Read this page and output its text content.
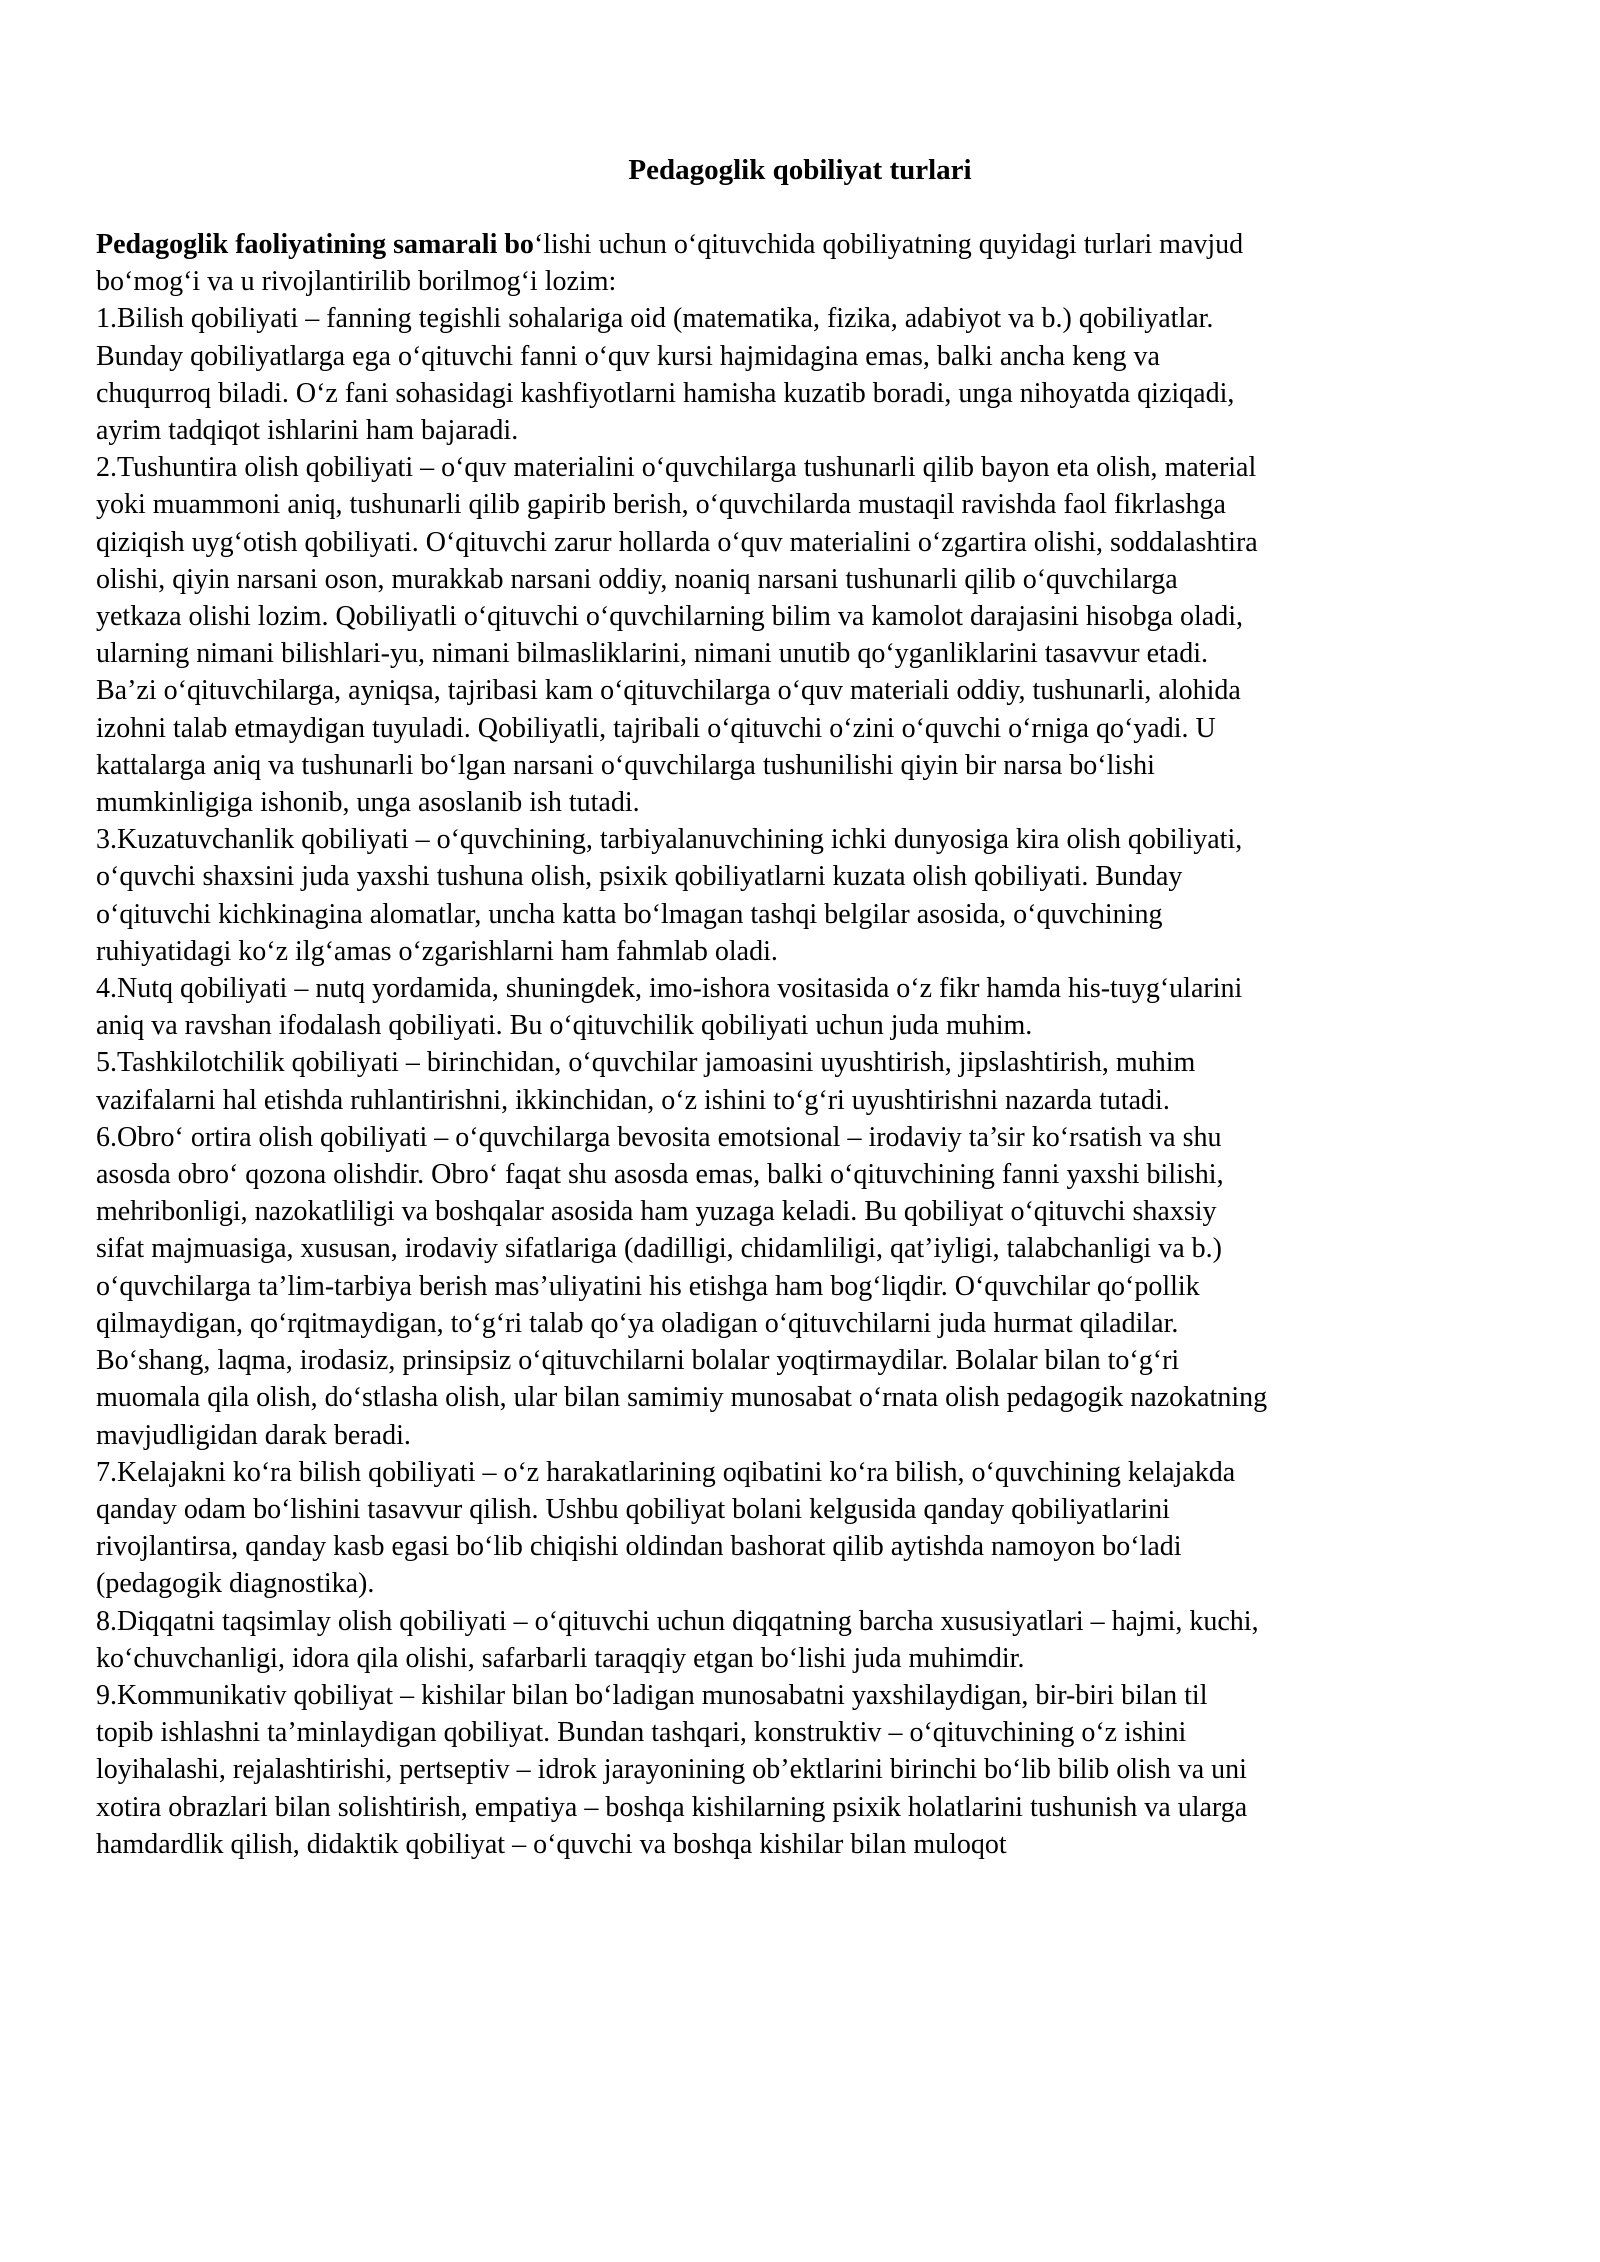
Pedagoglik qobiliyat turlari
Pedagoglik faoliyatining samarali bo‘lishi uchun o‘qituvchida qobiliyatning quyidagi turlari mavjud
bo‘mog‘i va u rivojlantirilib borilmog‘i lozim:
1.Bilish qobiliyati – fanning tegishli sohalariga oid (matematika, fizika, adabiyot va b.) qobiliyatlar.
Bunday qobiliyatlarga ega o‘qituvchi fanni o‘quv kursi hajmidagina emas, balki ancha keng va
chuqurroq biladi. O‘z fani sohasidagi kashfiyotlarni hamisha kuzatib boradi, unga nihoyatda qiziqadi,
ayrim tadqiqot ishlarini ham bajaradi.
2.Tushuntira olish qobiliyati – o‘quv materialini o‘quvchilarga tushunarli qilib bayon eta olish, material
yoki muammoni aniq, tushunarli qilib gapirib berish, o‘quvchilarda mustaqil ravishda faol fikrlashga
qiziqish uyg‘otish qobiliyati. O‘qituvchi zarur hollarda o‘quv materialini o‘zgartira olishi, soddalashtira
olishi, qiyin narsani oson, murakkab narsani oddiy, noaniq narsani tushunarli qilib o‘quvchilarga
yetkaza olishi lozim. Qobiliyatli o‘qituvchi o‘quvchilarning bilim va kamolot darajasini hisobga oladi,
ularning nimani bilishlari-yu, nimani bilmasliklarini, nimani unutib qo‘yganliklarini tasavvur etadi.
Ba’zi o‘qituvchilarga, ayniqsa, tajribasi kam o‘qituvchilarga o‘quv materiali oddiy, tushunarli, alohida
izohni talab etmaydigan tuyuladi. Qobiliyatli, tajribali o‘qituvchi o‘zini o‘quvchi o‘rniga qo‘yadi. U
kattalarga aniq va tushunarli bo‘lgan narsani o‘quvchilarga tushunilishi qiyin bir narsa bo‘lishi
mumkinligiga ishonib, unga asoslanib ish tutadi.
3.Kuzatuvchanlik qobiliyati – o‘quvchining, tarbiyalanuvchining ichki dunyosiga kira olish qobiliyati,
o‘quvchi shaxsini juda yaxshi tushuna olish, psixik qobiliyatlarni kuzata olish qobiliyati. Bunday
o‘qituvchi kichkinagina alomatlar, uncha katta bo‘lmagan tashqi belgilar asosida, o‘quvchining
ruhiyatidagi ko‘z ilg‘amas o‘zgarishlarni ham fahmlab oladi.
4.Nutq qobiliyati – nutq yordamida, shuningdek, imo-ishora vositasida o‘z fikr hamda his-tuyg‘ularini
aniq va ravshan ifodalash qobiliyati. Bu o‘qituvchilik qobiliyati uchun juda muhim.
5.Tashkilotchilik qobiliyati – birinchidan, o‘quvchilar jamoasini uyushtirish, jipslashtirish, muhim
vazifalarni hal etishda ruhlantirishni, ikkinchidan, o‘z ishini to‘g‘ri uyushtirishni nazarda tutadi.
6.Obro‘ ortira olish qobiliyati – o‘quvchilarga bevosita emotsional – irodaviy ta’sir ko‘rsatish va shu
asosda obro‘ qozona olishdir. Obro‘ faqat shu asosda emas, balki o‘qituvchining fanni yaxshi bilishi,
mehribonligi, nazokatliligi va boshqalar asosida ham yuzaga keladi. Bu qobiliyat o‘qituvchi shaxsiy
sifat majmuasiga, xususan, irodaviy sifatlariga (dadilligi, chidamliligi, qat’iyligi, talabchanligi va b.)
o‘quvchilarga ta’lim-tarbiya berish mas’uliyatini his etishga ham bog‘liqdir. O‘quvchilar qo‘pollik
qilmaydigan, qo‘rqitmaydigan, to‘g‘ri talab qo‘ya oladigan o‘qituvchilarni juda hurmat qiladilar.
Bo‘shang, laqma, irodasiz, prinsipsiz o‘qituvchilarni bolalar yoqtirmaydilar. Bolalar bilan to‘g‘ri
muomala qila olish, do‘stlasha olish, ular bilan samimiy munosabat o‘rnata olish pedagogik nazokatning
mavjudligidan darak beradi.
7.Kelajakni ko‘ra bilish qobiliyati – o‘z harakatlarining oqibatini ko‘ra bilish, o‘quvchining kelajakda
qanday odam bo‘lishini tasavvur qilish. Ushbu qobiliyat bolani kelgusida qanday qobiliyatlarini
rivojlantirsa, qanday kasb egasi bo‘lib chiqishi oldindan bashorat qilib aytishda namoyon bo‘ladi
(pedagogik diagnostika).
8.Diqqatni taqsimlay olish qobiliyati – o‘qituvchi uchun diqqatning barcha xususiyatlari – hajmi, kuchi,
ko‘chuvchanligi, idora qila olishi, safarbarli taraqqiy etgan bo‘lishi juda muhimdir.
9.Kommunikativ qobiliyat – kishilar bilan bo‘ladigan munosabatni yaxshilaydigan, bir-biri bilan til
topib ishlashni ta’minlaydigan qobiliyat. Bundan tashqari, konstruktiv – o‘qituvchining o‘z ishini
loyihalashi, rejalashtirishi, pertseptiv – idrok jarayonining ob’ektlarini birinchi bo‘lib bilib olish va uni
xotira obrazlari bilan solishtirish, empatiya – boshqa kishilarning psixik holatlarini tushunish va ularga
hamdardlik qilish, didaktik qobiliyat – o‘quvchi va boshqa kishilar bilan muloqot
